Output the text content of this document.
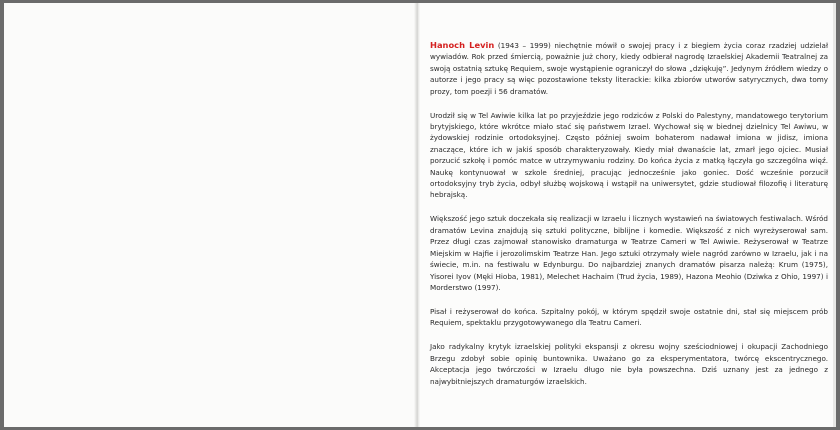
Hanoch Levin (1943 – 1999) niechętnie mówił o swojej pracy i z biegiem życia coraz rzadziej udzielał wywiadów. Rok przed śmiercią, poważnie już chory, kiedy odbierał nagrodę Izraelskiej Akademii Teatralnej za swoją ostatnią sztukę Requiem, swoje wystąpienie ograniczył do słowa „dziękuję”. Jedynym źródłem wiedzy o autorze i jego pracy są więc pozostawione teksty literackie: kilka zbiorów utworów satyrycznych, dwa tomy prozy, tom poezji i 56 dramatów.

Urodził się w Tel Awiwie kilka lat po przyjeździe jego rodziców z Polski do Palestyny, mandatowego terytorium brytyjskiego, które wkrótce miało stać się państwem Izrael. Wychował się w biednej dzielnicy Tel Awiwu, w żydowskiej rodzinie ortodoksyjnej. Często później swoim bohaterom nadawał imiona w jidisz, imiona znaczące, które ich w jakiś sposób charakteryzowały. Kiedy miał dwanaście lat, zmarł jego ojciec. Musiał porzucić szkołę i pomóc matce w utrzymywaniu rodziny. Do końca życia z matką łączyła go szczególna więź. Naukę kontynuował w szkole średniej, pracując jednocześnie jako goniec. Dość wcześnie porzucił ortodoksyjny tryb życia, odbył służbę wojskową i wstąpił na uniwersytet, gdzie studiował filozofię i literaturę hebrajską.

Większość jego sztuk doczekała się realizacji w Izraelu i licznych wystawień na światowych festiwalach. Wśród dramatów Levina znajdują się sztuki polityczne, biblijne i komedie. Większość z nich wyreżyserował sam. Przez długi czas zajmował stanowisko dramaturga w Teatrze Cameri w Tel Awiwie. Reżyserował w Teatrze Miejskim w Hajfie i jerozolimskim Teatrze Han. Jego sztuki otrzymały wiele nagród zarówno w Izraelu, jak i na świecie, m.in. na festiwalu w Edynburgu. Do najbardziej znanych dramatów pisarza należą: Krum (1975), Yisorei Iyov (Męki Hioba, 1981), Melechet Hachaim (Trud życia, 1989), Hazona Meohio (Dziwka z Ohio, 1997) i Morderstwo (1997).

Pisał i reżyserował do końca. Szpitalny pokój, w którym spędził swoje ostatnie dni, stał się miejscem prób Requiem, spektaklu przygotowywanego dla Teatru Cameri.

Jako radykalny krytyk izraelskiej polityki ekspansji z okresu wojny sześciodniowej i okupacji Zachodniego Brzegu zdobył sobie opinię buntownika. Uważano go za eksperymentatora, twórcę ekscentrycznego. Akceptacja jego twórczości w Izraelu długo nie była powszechna. Dziś uznany jest za jednego z najwybitniejszych dramaturgów izraelskich.
